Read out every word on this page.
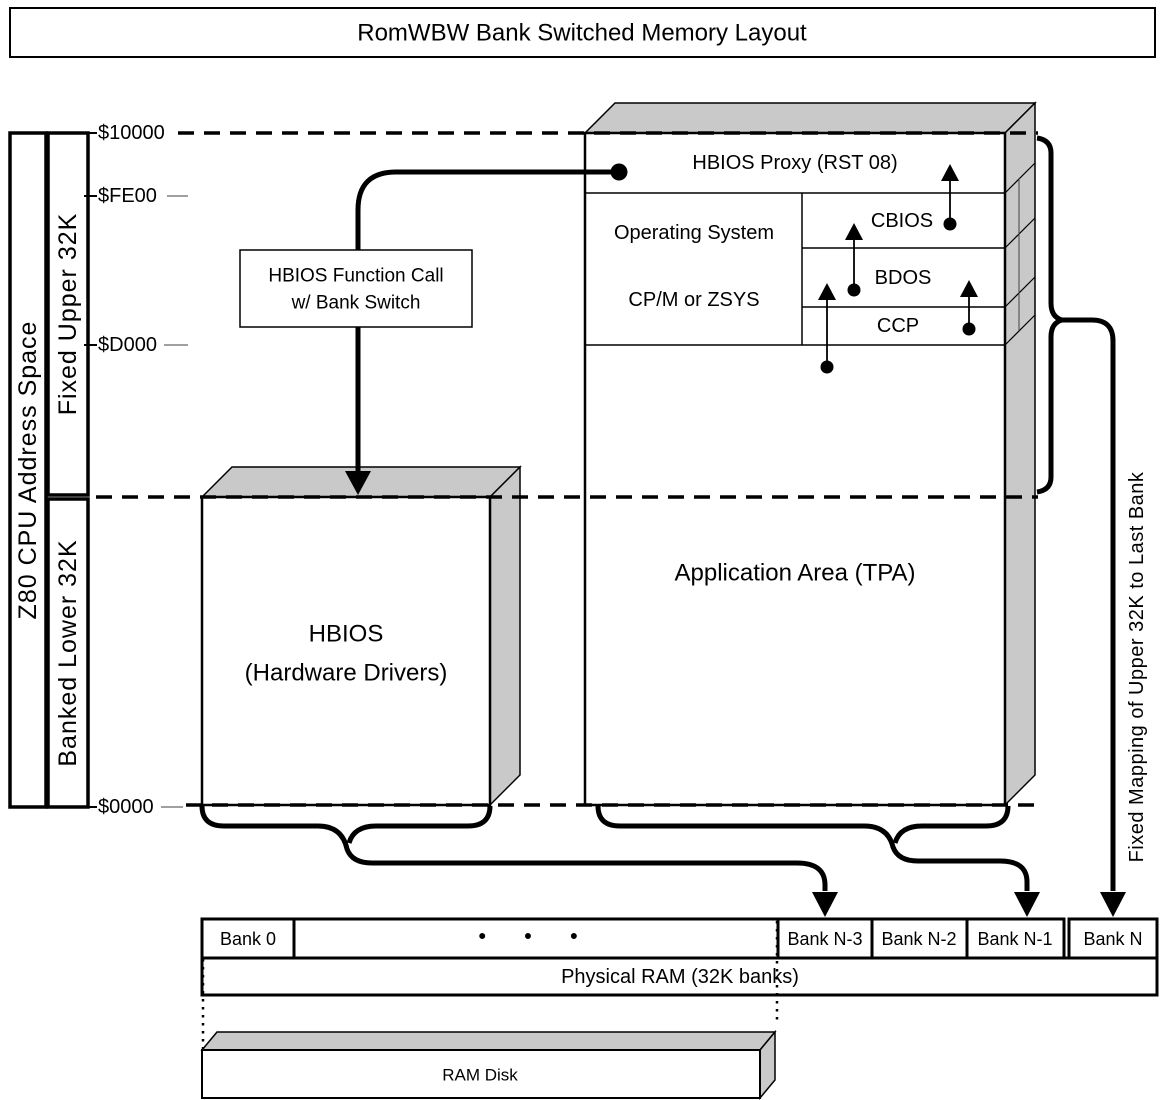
RomWBW Bank Switched Memory Layout
Z80 CPU Address Space
Fixed Upper 32K
Banked Lower 32K
$10000
$FE00
$D000
$0000
HBIOS Proxy (RST 08)
Operating System
CP/M or ZSYS
CBIOS
BDOS
CCP
Application Area (TPA)
HBIOS
(Hardware Drivers)
HBIOS Function Call
w/ Bank Switch
Fixed Mapping of Upper 32K to Last Bank
Bank 0	• • •	Bank N-3 Bank N-2 Bank N-1 Bank N
Physical RAM (32K banks)
RAM Disk
